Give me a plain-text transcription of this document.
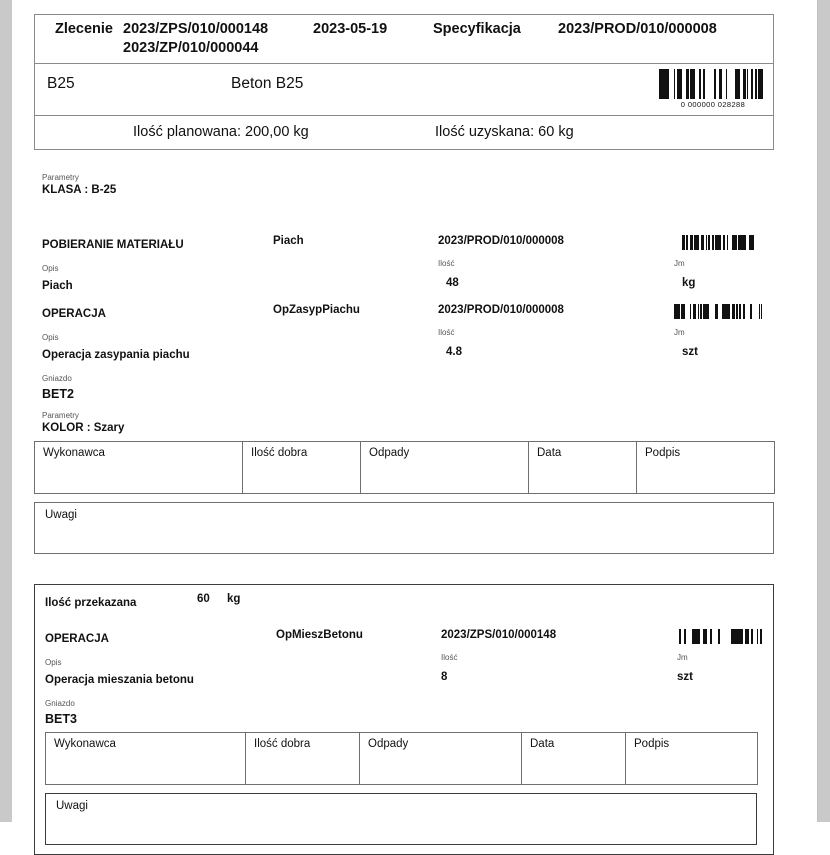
Zlecenie 2023/ZPS/010/000148	2023-05-19	Specyfikacja	2023/PROD/010/000008
2023/ZP/010/000044
B25	Beton B25
0 000000 028288
Ilość planowana: 200,00 kg	Ilość uzyskana: 60 kg
Parametry
KLASA : B-25
POBIERANIE MATERIAŁU	Piach	2023/PROD/010/000008
Opis
Ilość	Jm
Piach	48	kg
OPERACJA	OpZasypPiachu	2023/PROD/010/000008
Opis
Ilość	Jm
Operacja zasypania piachu	4.8	szt
Gniazdo
BET2
Parametry
KOLOR : Szary
Wykonawca	Ilość dobra	Odpady	Data	Podpis
Uwagi
Ilość przekazana	60 kg
OPERACJA	OpMieszBetonu	2023/ZPS/010/000148
Opis
Ilość	Jm
Operacja mieszania betonu	8	szt
Gniazdo
BET3
Wykonawca	Ilość dobra	Odpady	Data	Podpis
Uwagi
